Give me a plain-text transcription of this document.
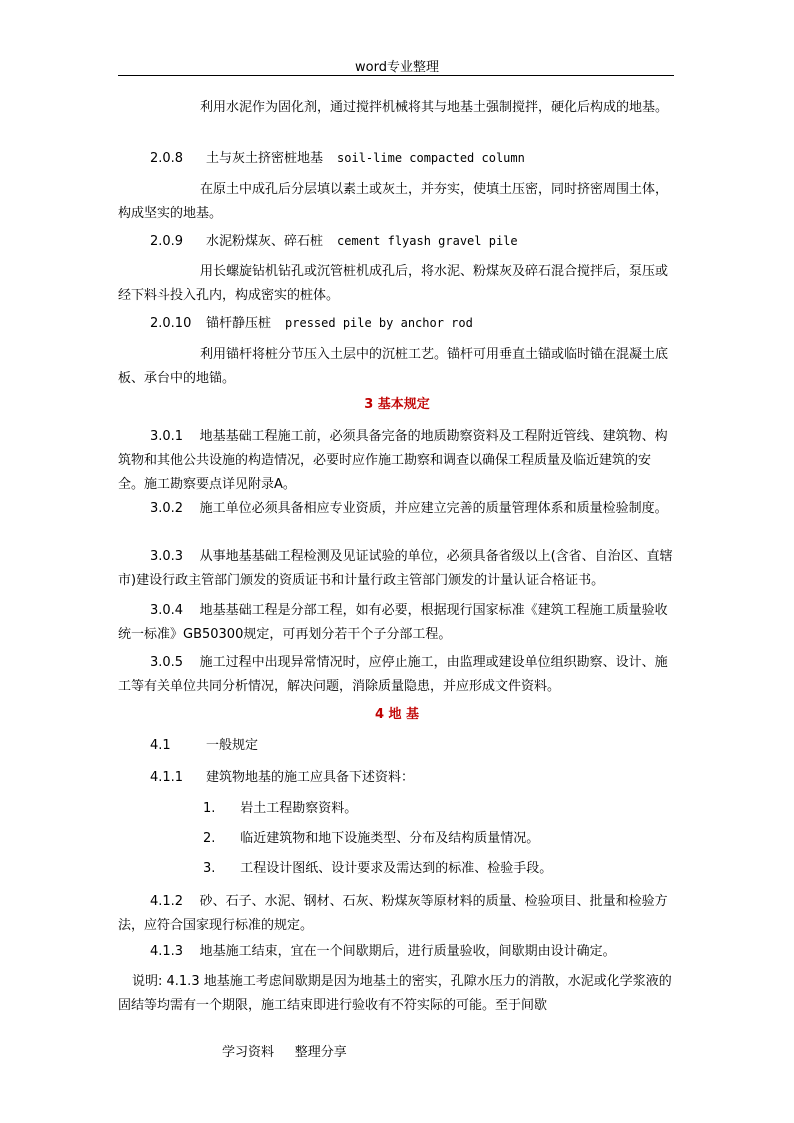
word专业整理

利用水泥作为固化剂，通过搅拌机械将其与地基土强制搅拌，硬化后构成的地基。

2.0.8 土与灰土挤密桩地基 soil-lime compacted column

在原土中成孔后分层填以素土或灰土，并夯实，使填土压密，同时挤密周围土体，构成坚实的地基。

2.0.9 水泥粉煤灰、碎石桩 cement flyash gravel pile

用长螺旋钻机钻孔或沉管桩机成孔后，将水泥、粉煤灰及碎石混合搅拌后，泵压或经下料斗投入孔内，构成密实的桩体。

2.0.10 锚杆静压桩 pressed pile by anchor rod

利用锚杆将桩分节压入土层中的沉桩工艺。锚杆可用垂直土锚或临时锚在混凝土底板、承台中的地锚。

3 基本规定

3.0.1 地基基础工程施工前，必须具备完备的地质勘察资料及工程附近管线、建筑物、构筑物和其他公共设施的构造情况，必要时应作施工勘察和调查以确保工程质量及临近建筑的安全。施工勘察要点详见附录A。

3.0.2 施工单位必须具备相应专业资质，并应建立完善的质量管理体系和质量检验制度。

3.0.3 从事地基基础工程检测及见证试验的单位，必须具备省级以上(含省、自治区、直辖市)建设行政主管部门颁发的资质证书和计量行政主管部门颁发的计量认证合格证书。

3.0.4 地基基础工程是分部工程，如有必要，根据现行国家标准《建筑工程施工质量验收统一标准》GB50300规定，可再划分若干个子分部工程。

3.0.5 施工过程中出现异常情况时，应停止施工，由监理或建设单位组织勘察、设计、施工等有关单位共同分析情况，解决问题，消除质量隐患，并应形成文件资料。

4 地 基
4.1	一般规定
4.1.1 建筑物地基的施工应具备下述资料：
1. 岩土工程勘察资料。
2. 临近建筑物和地下设施类型、分布及结构质量情况。
3. 工程设计图纸、设计要求及需达到的标准、检验手段。

4.1.2 砂、石子、水泥、钢材、石灰、粉煤灰等原材料的质量、检验项目、批量和检验方法，应符合国家现行标准的规定。

4.1.3 地基施工结束，宜在一个间歇期后，进行质量验收，间歇期由设计确定。

说明: 4.1.3 地基施工考虑间歇期是因为地基土的密实，孔隙水压力的消散，水泥或化学浆液的固结等均需有一个期限，施工结束即进行验收有不符实际的可能。至于间歇

学习资料 整理分享
